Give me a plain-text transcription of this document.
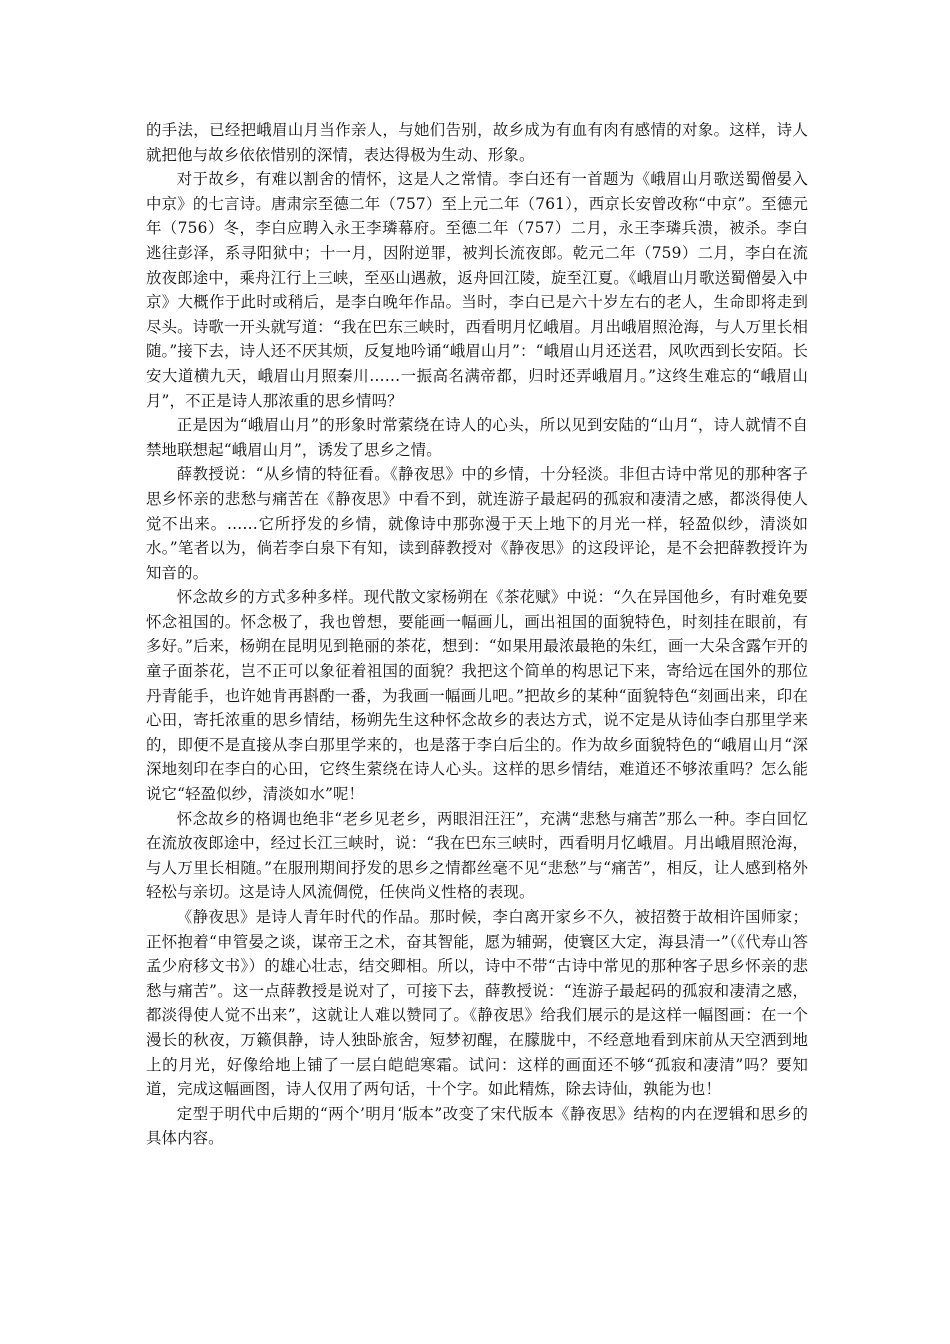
的手法，已经把峨眉山月当作亲人，与她们告别，故乡成为有血有肉有感情的对象。这样，诗人就把他与故乡依依惜别的深情，表达得极为生动、形象。

对于故乡，有难以割舍的情怀，这是人之常情。李白还有一首题为《峨眉山月歌送蜀僧晏入中京》的七言诗。唐肃宗至德二年（757）至上元二年（761），西京长安曾改称“中京”。至德元年（756）冬，李白应聘入永王李璘幕府。至德二年（757）二月，永王李璘兵溃，被杀。李白逃往彭泽，系寻阳狱中；十一月，因附逆罪，被判长流夜郎。乾元二年（759）二月，李白在流放夜郎途中，乘舟江行上三峡，至巫山遇赦，返舟回江陵，旋至江夏。《峨眉山月歌送蜀僧晏入中京》大概作于此时或稍后，是李白晚年作品。当时，李白已是六十岁左右的老人，生命即将走到尽头。诗歌一开头就写道：“我在巴东三峡时，西看明月忆峨眉。月出峨眉照沧海，与人万里长相随。”接下去，诗人还不厌其烦，反复地吟诵“峨眉山月”：“峨眉山月还送君，风吹西到长安陌。长安大道横九天，峨眉山月照秦川……一振高名满帝都，归时还弄峨眉月。”这终生难忘的“峨眉山月”，不正是诗人那浓重的思乡情吗？

正是因为“峨眉山月”的形象时常萦绕在诗人的心头，所以见到安陆的“山月“，诗人就情不自禁地联想起“峨眉山月”，诱发了思乡之情。

薛教授说：“从乡情的特征看。《静夜思》中的乡情，十分轻淡。非但古诗中常见的那种客子思乡怀亲的悲愁与痛苦在《静夜思》中看不到，就连游子最起码的孤寂和凄清之感，都淡得使人觉不出来。……它所抒发的乡情，就像诗中那弥漫于天上地下的月光一样，轻盈似纱，清淡如水。”笔者以为，倘若李白泉下有知，读到薛教授对《静夜思》的这段评论，是不会把薛教授许为知音的。

怀念故乡的方式多种多样。现代散文家杨朔在《茶花赋》中说：“久在异国他乡，有时难免要怀念祖国的。怀念极了，我也曾想，要能画一幅画儿，画出祖国的面貌特色，时刻挂在眼前，有多好。”后来，杨朔在昆明见到艳丽的茶花，想到：“如果用最浓最艳的朱红，画一大朵含露乍开的童子面茶花，岂不正可以象征着祖国的面貌？我把这个简单的构思记下来，寄给远在国外的那位丹青能手，也许她肯再斟酌一番，为我画一幅画儿吧。”把故乡的某种“面貌特色“刻画出来，印在心田，寄托浓重的思乡情结，杨朔先生这种怀念故乡的表达方式，说不定是从诗仙李白那里学来的，即便不是直接从李白那里学来的，也是落于李白后尘的。作为故乡面貌特色的“峨眉山月“深深地刻印在李白的心田，它终生萦绕在诗人心头。这样的思乡情结，难道还不够浓重吗？怎么能说它“轻盈似纱，清淡如水”呢！

怀念故乡的格调也绝非“老乡见老乡，两眼泪汪汪”，充满“悲愁与痛苦”那么一种。李白回忆在流放夜郎途中，经过长江三峡时，说：“我在巴东三峡时，西看明月忆峨眉。月出峨眉照沧海，与人万里长相随。”在服刑期间抒发的思乡之情都丝毫不见“悲愁”与“痛苦”，相反，让人感到格外轻松与亲切。这是诗人风流倜傥，任侠尚义性格的表现。

《静夜思》是诗人青年时代的作品。那时候，李白离开家乡不久，被招赘于故相许国师家；正怀抱着“申管晏之谈，谋帝王之术，奋其智能，愿为辅弼，使寰区大定，海县清一”（《代寿山答孟少府移文书》）的雄心壮志，结交卿相。所以，诗中不带“古诗中常见的那种客子思乡怀亲的悲愁与痛苦”。这一点薛教授是说对了，可接下去，薛教授说：“连游子最起码的孤寂和凄清之感，都淡得使人觉不出来”，这就让人难以赞同了。《静夜思》给我们展示的是这样一幅图画：在一个漫长的秋夜，万籁俱静，诗人独卧旅舍，短梦初醒，在朦胧中，不经意地看到床前从天空洒到地上的月光，好像给地上铺了一层白皑皑寒霜。试问：这样的画面还不够“孤寂和凄清”吗？要知道，完成这幅画图，诗人仅用了两句话，十个字。如此精炼，除去诗仙，孰能为也！

定型于明代中后期的“两个’明月‘版本”改变了宋代版本《静夜思》结构的内在逻辑和思乡的具体内容。
